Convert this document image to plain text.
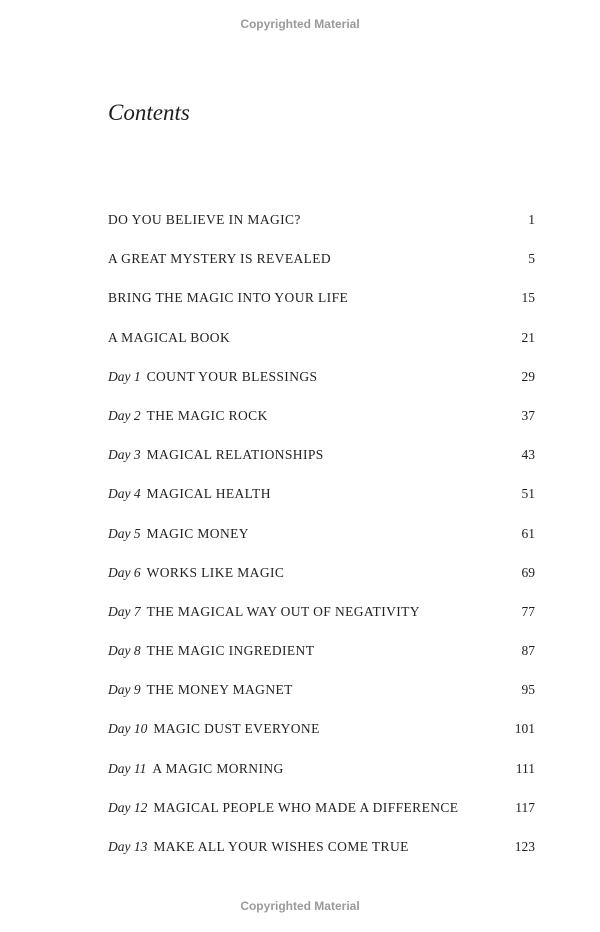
Copyrighted Material
Contents
DO YOU BELIEVE IN MAGIC?	1
A GREAT MYSTERY IS REVEALED	5
BRING THE MAGIC INTO YOUR LIFE	15
A MAGICAL BOOK	21
Day 1 COUNT YOUR BLESSINGS	29
Day 2 THE MAGIC ROCK	37
Day 3 MAGICAL RELATIONSHIPS	43
Day 4 MAGICAL HEALTH	51
Day 5 MAGIC MONEY	61
Day 6 WORKS LIKE MAGIC	69
Day 7 THE MAGICAL WAY OUT OF NEGATIVITY	77
Day 8 THE MAGIC INGREDIENT	87
Day 9 THE MONEY MAGNET	95
Day 10 MAGIC DUST EVERYONE	101
Day 11 A MAGIC MORNING	111
Day 12 MAGICAL PEOPLE WHO MADE A DIFFERENCE	117
Day 13 MAKE ALL YOUR WISHES COME TRUE	123
Copyrighted Material
